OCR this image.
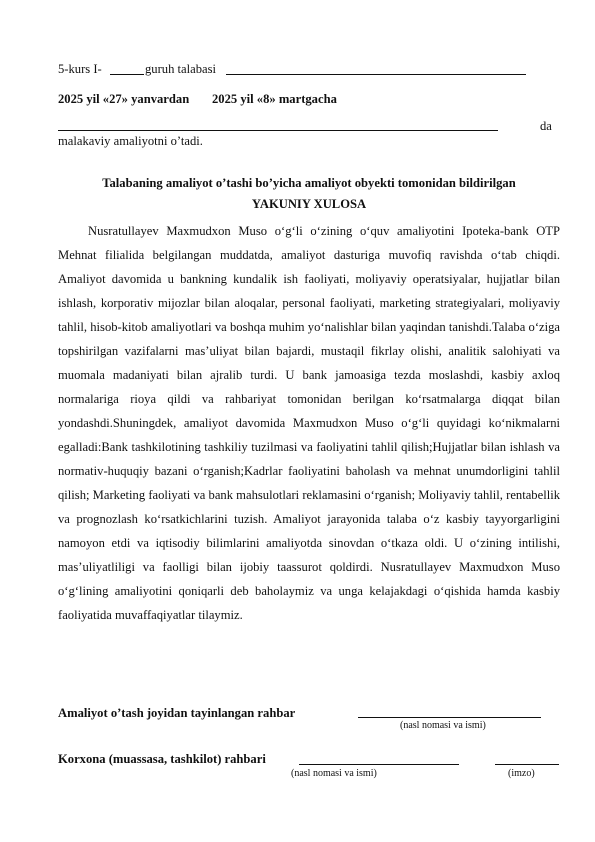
5-kurs I-	guruh talabasi
2025 yil «27» yanvardan 2025 yil «8» martgacha
da
malakaviy amaliyotni o’tadi.
Talabaning amaliyot o’tashi bo’yicha amaliyot obyekti tomonidan bildirilgan
YAKUNIY XULOSA
Nusratullayev Maxmudxon Muso o‘g‘li o‘zining o‘quv amaliyotini Ipoteka-bank OTP Mehnat filialida belgilangan muddatda, amaliyot dasturiga muvofiq ravishda o‘tab chiqdi. Amaliyot davomida u bankning kundalik ish faoliyati, moliyaviy operatsiyalar, hujjatlar bilan ishlash, korporativ mijozlar bilan aloqalar, personal faoliyati, marketing strategiyalari, moliyaviy tahlil, hisob-kitob amaliyotlari va boshqa muhim yo‘nalishlar bilan yaqindan tanishdi.Talaba o‘ziga topshirilgan vazifalarni mas’uliyat bilan bajardi, mustaqil fikrlay olishi, analitik salohiyati va muomala madaniyati bilan ajralib turdi. U bank jamoasiga tezda moslashdi, kasbiy axloq normalariga rioya qildi va rahbariyat tomonidan berilgan ko‘rsatmalarga diqqat bilan yondashdi.Shuningdek, amaliyot davomida Maxmudxon Muso o‘g‘li quyidagi ko‘nikmalarni egalladi:Bank tashkilotining tashkiliy tuzilmasi va faoliyatini tahlil qilish;Hujjatlar bilan ishlash va normativ-huquqiy bazani o‘rganish;Kadrlar faoliyatini baholash va mehnat unumdorligini tahlil qilish; Marketing faoliyati va bank mahsulotlari reklamasini o‘rganish; Moliyaviy tahlil, rentabellik va prognozlash ko‘rsatkichlarini tuzish. Amaliyot jarayonida talaba o‘z kasbiy tayyorgarligini namoyon etdi va iqtisodiy bilimlarini amaliyotda sinovdan o‘tkaza oldi. U o‘zining intilishi, mas’uliyatliligi va faolligi bilan ijobiy taassurot qoldirdi. Nusratullayev Maxmudxon Muso o‘g‘lining amaliyotini qoniqarli deb baholaymiz va unga kelajakdagi o‘qishida hamda kasbiy faoliyatida muvaffaqiyatlar tilaymiz.
Amaliyot o’tash joyidan tayinlangan rahbar
(nasl nomasi va ismi)
Korxona (muassasa, tashkilot) rahbari
(nasl nomasi va ismi)	(imzo)
